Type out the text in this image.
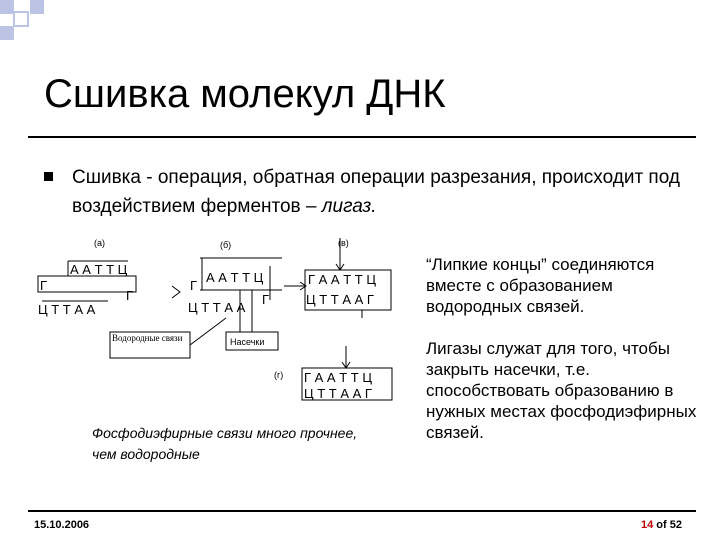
Сшивка молекул ДНК
Сшивка - операция, обратная операции разрезания, происходит под воздействием ферментов – лигаз.
(а)	(б)	(в)
(г)
А А Т Т Ц
Г
Г
Ц Т Т А А
А А Т Т Ц
Г
Г
Ц Т Т А А
Г А А Т Т Ц
Ц Т Т А А Г
Г А А Т Т Ц
Ц Т Т А А Г
Водородные связи	Насечки
Фосфодиэфирные связи много прочнее, чем водородные
“Липкие концы” соединяются вместе с образованием водородных связей.
Лигазы служат для того, чтобы закрыть насечки, т.е. способствовать образованию в нужных местах фосфодиэфирных связей.
15.10.2006	14 of 52
